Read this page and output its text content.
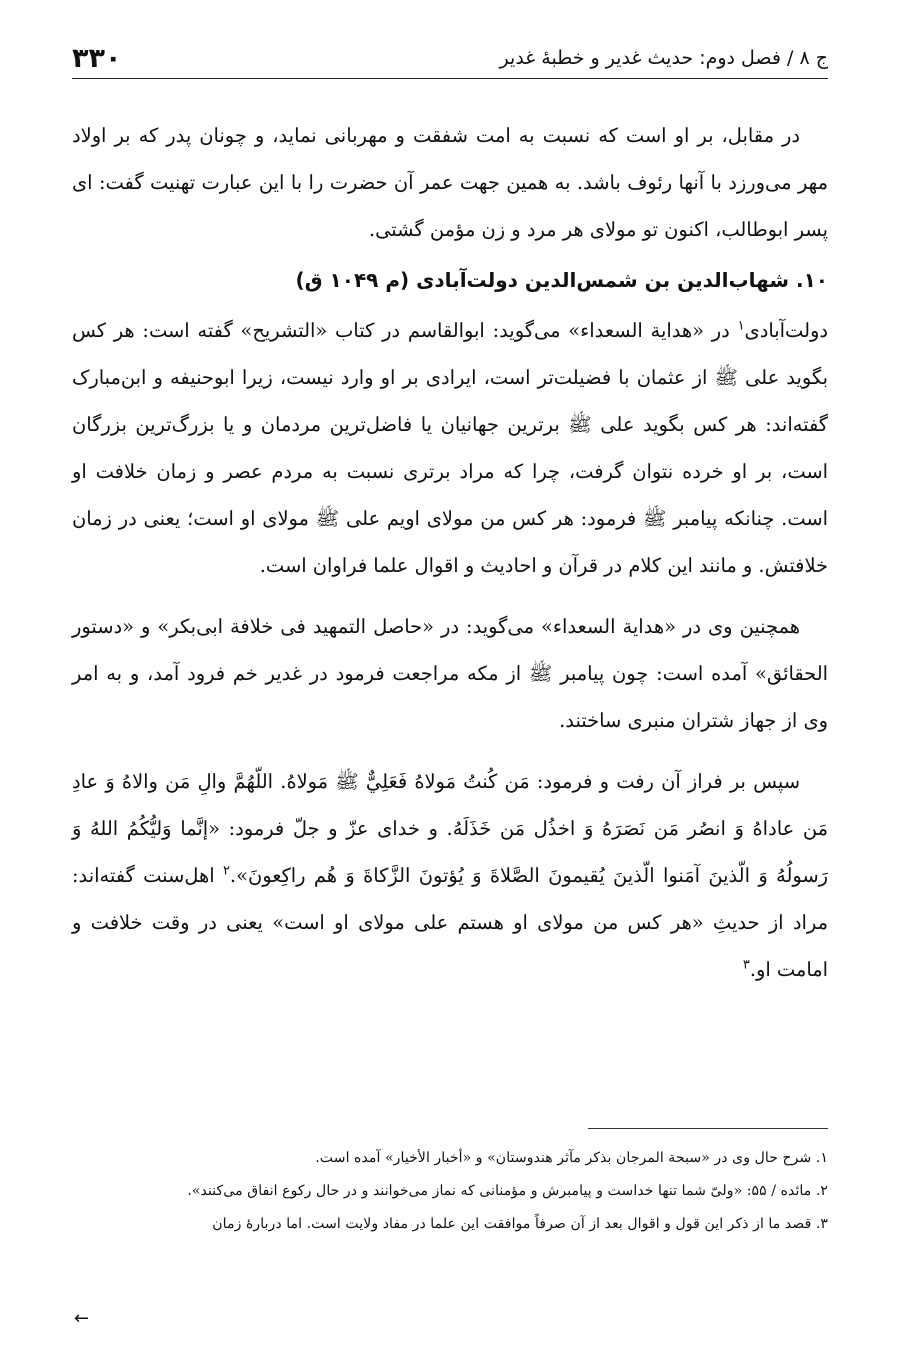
ج ۸ / فصل دوم: حدیث غدیر و خطبهٔ غدیر
۳۳۰

در مقابل، بر او است که نسبت به امت شفقت و مهربانی نماید، و چونان پدر که بر اولاد مهر می‌ورزد با آنها رئوف باشد. به همین جهت عمر آن حضرت را با این عبارت تهنیت گفت: ای پسر ابوطالب، اکنون تو مولای هر مرد و زن مؤمن گشتی.

۱۰. شهاب‌الدین بن شمس‌الدین دولت‌آبادی (م ۱۰۴۹ ق)

دولت‌آبادی$^۱$ در «هدایة السعداء» می‌گوید: ابوالقاسم در کتاب «التشریح» گفته است: هر کس بگوید علی ﷺ از عثمان با فضیلت‌تر است، ایرادی بر او وارد نیست، زیرا ابوحنیفه و ابن‌مبارک گفته‌اند: هر کس بگوید علی ﷺ برترین جهانیان یا فاضل‌ترین مردمان و یا بزرگ‌ترین بزرگان است، بر او خرده نتوان گرفت، چرا که مراد برتری نسبت به مردم عصر و زمان خلافت او است. چنانکه پیامبر ﷺ فرمود: هر کس من مولای اویم علی ﷺ مولای او است؛ یعنی در زمان خلافتش. و مانند این کلام در قرآن و احادیث و اقوال علما فراوان است.

همچنین وی در «هدایة السعداء» می‌گوید: در «حاصل التمهید فی خلافة ابی‌بکر» و «دستور الحقائق» آمده است: چون پیامبر ﷺ از مکه مراجعت فرمود در غدیر خم فرود آمد، و به امر وی از جهاز شتران منبری ساختند.

سپس بر فراز آن رفت و فرمود: مَن كُنتُ مَولاهُ فَعَلِيٌّ ﷺ مَولاهُ. اللّهُمَّ والِ مَن والاهُ وَ عادِ مَن عاداهُ وَ انصُر مَن نَصَرَهُ وَ اخذُل مَن خَذَلَهُ. و خدای عزّ و جلّ فرمود: «إنَّما وَليُّكُمُ اللهُ وَ رَسولُهُ وَ الّذينَ آمَنوا الّذينَ يُقيمونَ الصَّلاةَ وَ يُؤتونَ الزَّكاةَ وَ هُم راكِعونَ».$^۲$ اهل‌سنت گفته‌اند: مراد از حدیثِ «هر کس من مولای او هستم علی مولای او است» یعنی در وقت خلافت و امامت او.$^۳$

۱. شرح حال وی در «سبحة المرجان بذکر مآثر هندوستان» و «أخبار الأخیار» آمده است.

۲. مائده / ۵۵: «ولیّ شما تنها خداست و پیامبرش و مؤمنانی که نماز می‌خوانند و در حال رکوع انفاق می‌کنند».

۳. قصد ما از ذکر این قول و اقوال بعد از آن صرفاً موافقت این علما در مفاد ولایت است. اما دربارهٔ زمان

←
